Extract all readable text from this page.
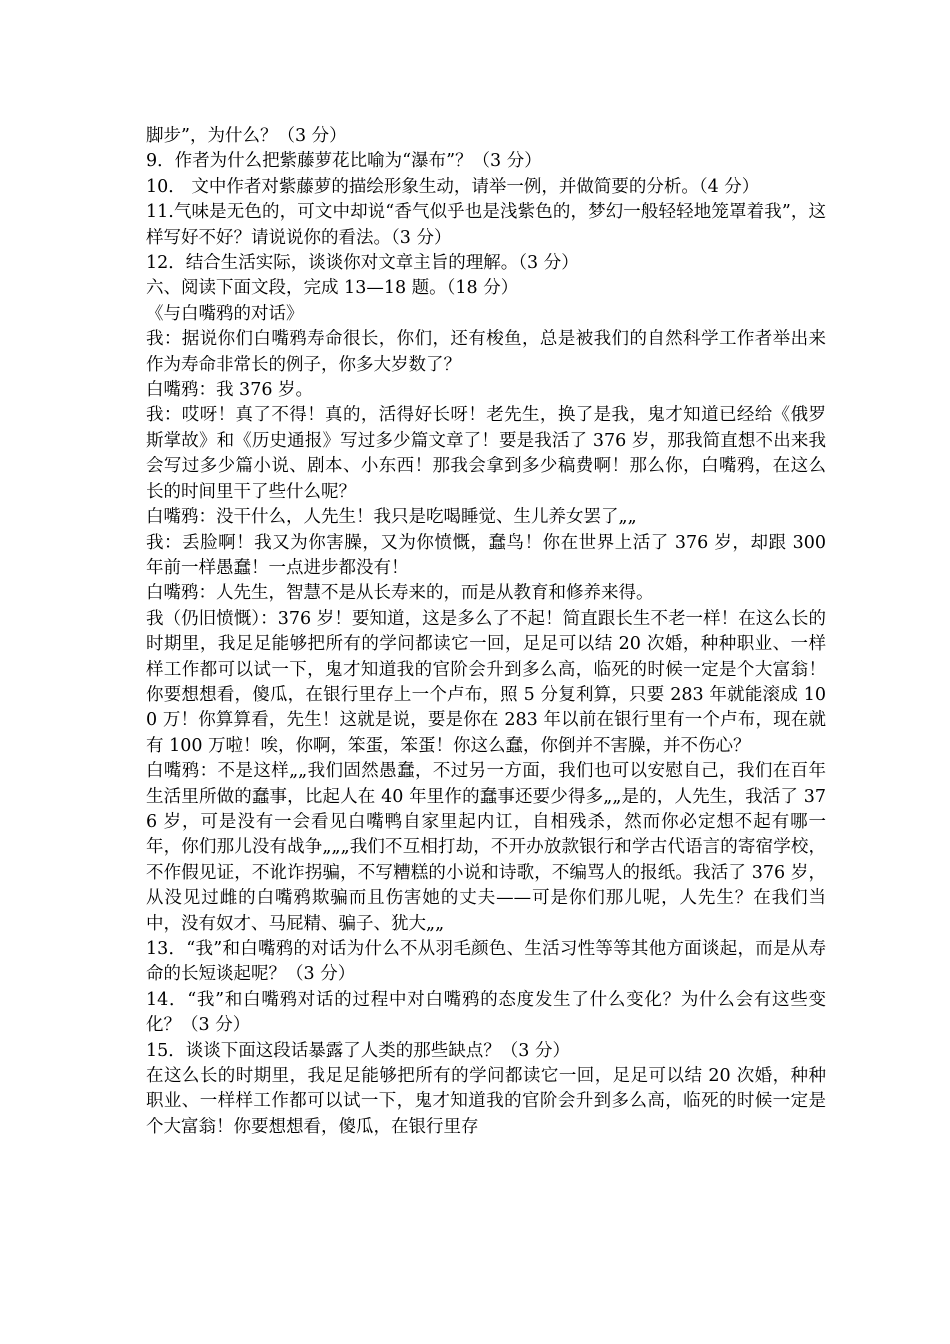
脚步”，为什么？（3 分）

9．作者为什么把紫藤萝花比喻为“瀑布”？（3 分）

10． 文中作者对紫藤萝的描绘形象生动，请举一例，并做简要的分析。（4 分）

11.气味是无色的，可文中却说“香气似乎也是浅紫色的，梦幻一般轻轻地笼罩着我”，这样写好不好？请说说你的看法。（3 分）

12．结合生活实际，谈谈你对文章主旨的理解。（3 分）

六、阅读下面文段，完成 13—18 题。（18 分）

《与白嘴鸦的对话》

我：据说你们白嘴鸦寿命很长，你们，还有梭鱼，总是被我们的自然科学工作者举出来作为寿命非常长的例子，你多大岁数了？

白嘴鸦：我 376 岁。

我：哎呀！真了不得！真的，活得好长呀！老先生，换了是我，鬼才知道已经给《俄罗斯掌故》和《历史通报》写过多少篇文章了！要是我活了 376 岁，那我简直想不出来我会写过多少篇小说、剧本、小东西！那我会拿到多少稿费啊！那么你，白嘴鸦，在这么长的时间里干了些什么呢？

白嘴鸦：没干什么，人先生！我只是吃喝睡觉、生儿养女罢了„„

我：丢脸啊！我又为你害臊，又为你愤慨，蠢鸟！你在世界上活了 376 岁，却跟 300 年前一样愚蠢！一点进步都没有！

白嘴鸦：人先生，智慧不是从长寿来的，而是从教育和修养来得。

我（仍旧愤慨）：376 岁！要知道，这是多么了不起！简直跟长生不老一样！在这么长的时期里，我足足能够把所有的学问都读它一回，足足可以结 20 次婚，种种职业、一样样工作都可以试一下，鬼才知道我的官阶会升到多么高，临死的时候一定是个大富翁！你要想想看，傻瓜，在银行里存上一个卢布，照 5 分复利算，只要 283 年就能滚成 100 万！你算算看，先生！这就是说，要是你在 283 年以前在银行里有一个卢布，现在就有 100 万啦！唉，你啊，笨蛋，笨蛋！你这么蠢，你倒并不害臊，并不伤心？

白嘴鸦：不是这样„„我们固然愚蠢，不过另一方面，我们也可以安慰自己，我们在百年生活里所做的蠢事，比起人在 40 年里作的蠢事还要少得多„„是的，人先生，我活了 376 岁，可是没有一会看见白嘴鸭自家里起内讧，自相残杀，然而你必定想不起有哪一年，你们那儿没有战争„„„我们不互相打劫，不开办放款银行和学古代语言的寄宿学校，不作假见证，不讹诈拐骗，不写糟糕的小说和诗歌，不编骂人的报纸。我活了 376 岁，从没见过雌的白嘴鸦欺骗而且伤害她的丈夫——可是你们那儿呢，人先生？在我们当中，没有奴才、马屁精、骗子、犹大„„

13．“我”和白嘴鸦的对话为什么不从羽毛颜色、生活习性等等其他方面谈起，而是从寿命的长短谈起呢？（3 分）

14．“我”和白嘴鸦对话的过程中对白嘴鸦的态度发生了什么变化？为什么会有这些变化？（3 分）

15．谈谈下面这段话暴露了人类的那些缺点？（3 分）

在这么长的时期里，我足足能够把所有的学问都读它一回，足足可以结 20 次婚，种种职业、一样样工作都可以试一下，鬼才知道我的官阶会升到多么高，临死的时候一定是个大富翁！你要想想看，傻瓜，在银行里存
